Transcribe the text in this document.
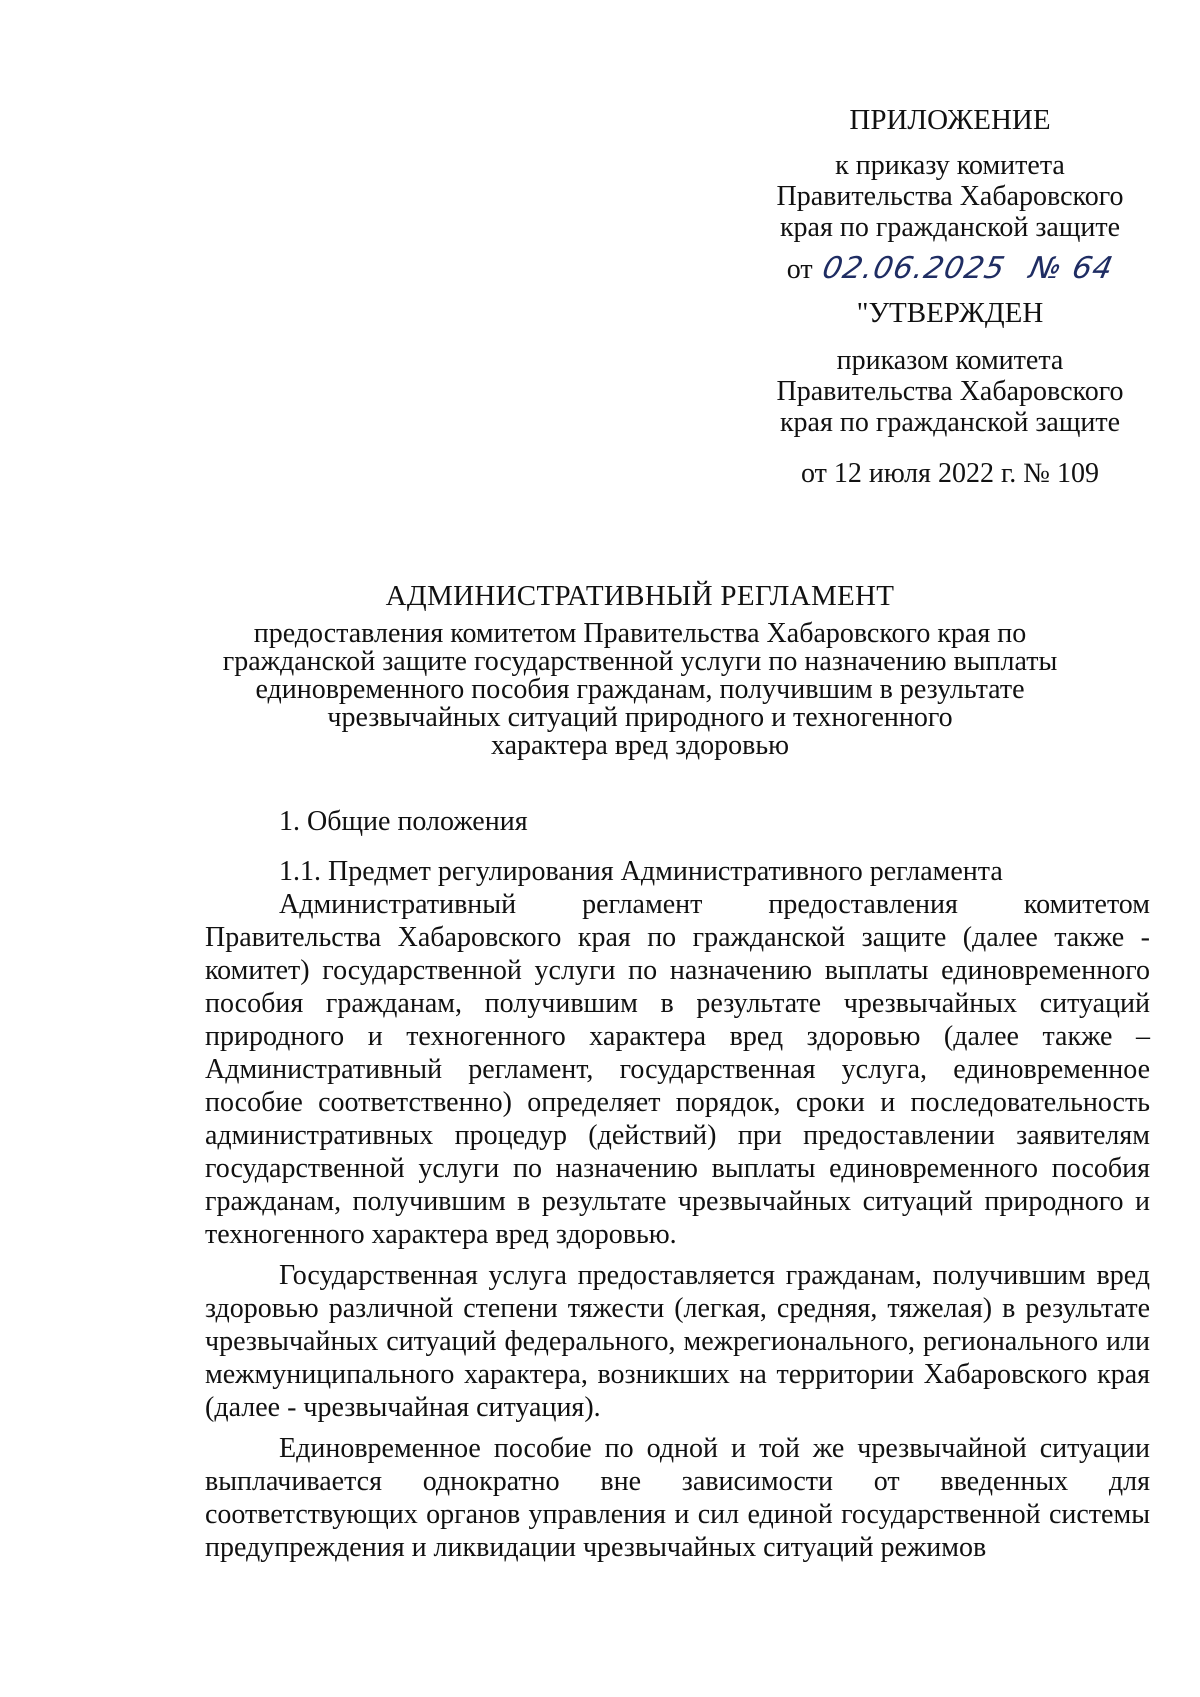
ПРИЛОЖЕНИЕ
к приказу комитета
Правительства Хабаровского
края по гражданской защите
от 02.06.2025 № 64
"УТВЕРЖДЕН
приказом комитета
Правительства Хабаровского
края по гражданской защите
от 12 июля 2022 г. № 109
АДМИНИСТРАТИВНЫЙ РЕГЛАМЕНТ
предоставления комитетом Правительства Хабаровского края по
гражданской защите государственной услуги по назначению выплаты
единовременного пособия гражданам, получившим в результате
чрезвычайных ситуаций природного и техногенного
характера вред здоровью
1. Общие положения
1.1. Предмет регулирования Административного регламента

Административный регламент предоставления комитетом Правительства Хабаровского края по гражданской защите (далее также - комитет) государственной услуги по назначению выплаты единовременного пособия гражданам, получившим в результате чрезвычайных ситуаций природного и техногенного характера вред здоровью (далее также – Административный регламент, государственная услуга, единовременное пособие соответственно) определяет порядок, сроки и последовательность административных процедур (действий) при предоставлении заявителям государственной услуги по назначению выплаты единовременного пособия гражданам, получившим в результате чрезвычайных ситуаций природного и техногенного характера вред здоровью.

Государственная услуга предоставляется гражданам, получившим вред здоровью различной степени тяжести (легкая, средняя, тяжелая) в результате чрезвычайных ситуаций федерального, межрегионального, регионального или межмуниципального характера, возникших на территории Хабаровского края (далее - чрезвычайная ситуация).

Единовременное пособие по одной и той же чрезвычайной ситуации выплачивается однократно вне зависимости от введенных для соответствующих органов управления и сил единой государственной системы предупреждения и ликвидации чрезвычайных ситуаций режимов
